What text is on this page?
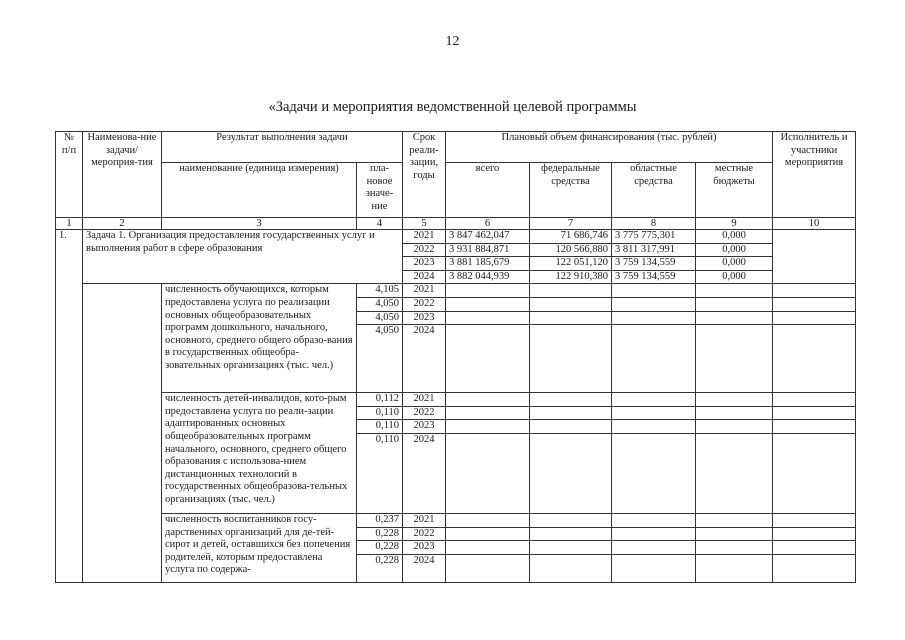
12
«Задачи и мероприятия ведомственной целевой программы
№ п/п	Наименова-ние задачи/ мероприя-тия	Результат выполнения задачи		Срок реали-зации, годы	Плановый объем финансирования (тыс. рублей)				Исполнитель и участники мероприятия
		наименование (единица измерения)	пла-новое значе-ние		всего	федеральные средства	областные средства	местные бюджеты	
1	2	3	4	5	6	7	8	9	10
1.	Задача 1. Организация предоставления государственных услуг и выполнения работ в сфере образования			2021	3 847 462,047	71 686,746	3 775 775,301	0,000	
				2022	3 931 884,871	120 566,880	3 811 317,991	0,000	
				2023	3 881 185,679	122 051,120	3 759 134,559	0,000	
				2024	3 882 044,939	122 910,380	3 759 134,559	0,000	
		численность обучающихся, которым предоставлена услуга по реализации основных общеобразовательных программ дошкольного, начального, основного, среднего общего образо-вания в государственных общеобра-зовательных организациях (тыс. чел.)	4,105	2021					
			4,050	2022					
			4,050	2023					
			4,050	2024					
		численность детей-инвалидов, кото-рым предоставлена услуга по реали-зации адаптированных основных общеобразовательных программ начального, основного, среднего общего образования с использова-нием дистанционных технологий в государственных общеобразова-тельных организациях (тыс. чел.)	0,112	2021					
			0,110	2022					
			0,110	2023					
			0,110	2024					
		численность воспитанников госу-дарственных организаций для де-тей-сирот и детей, оставшихся без попечения родителей, которым предоставлена услуга по содержа-	0,237	2021					
			0,228	2022					
			0,228	2023					
			0,228	2024					
